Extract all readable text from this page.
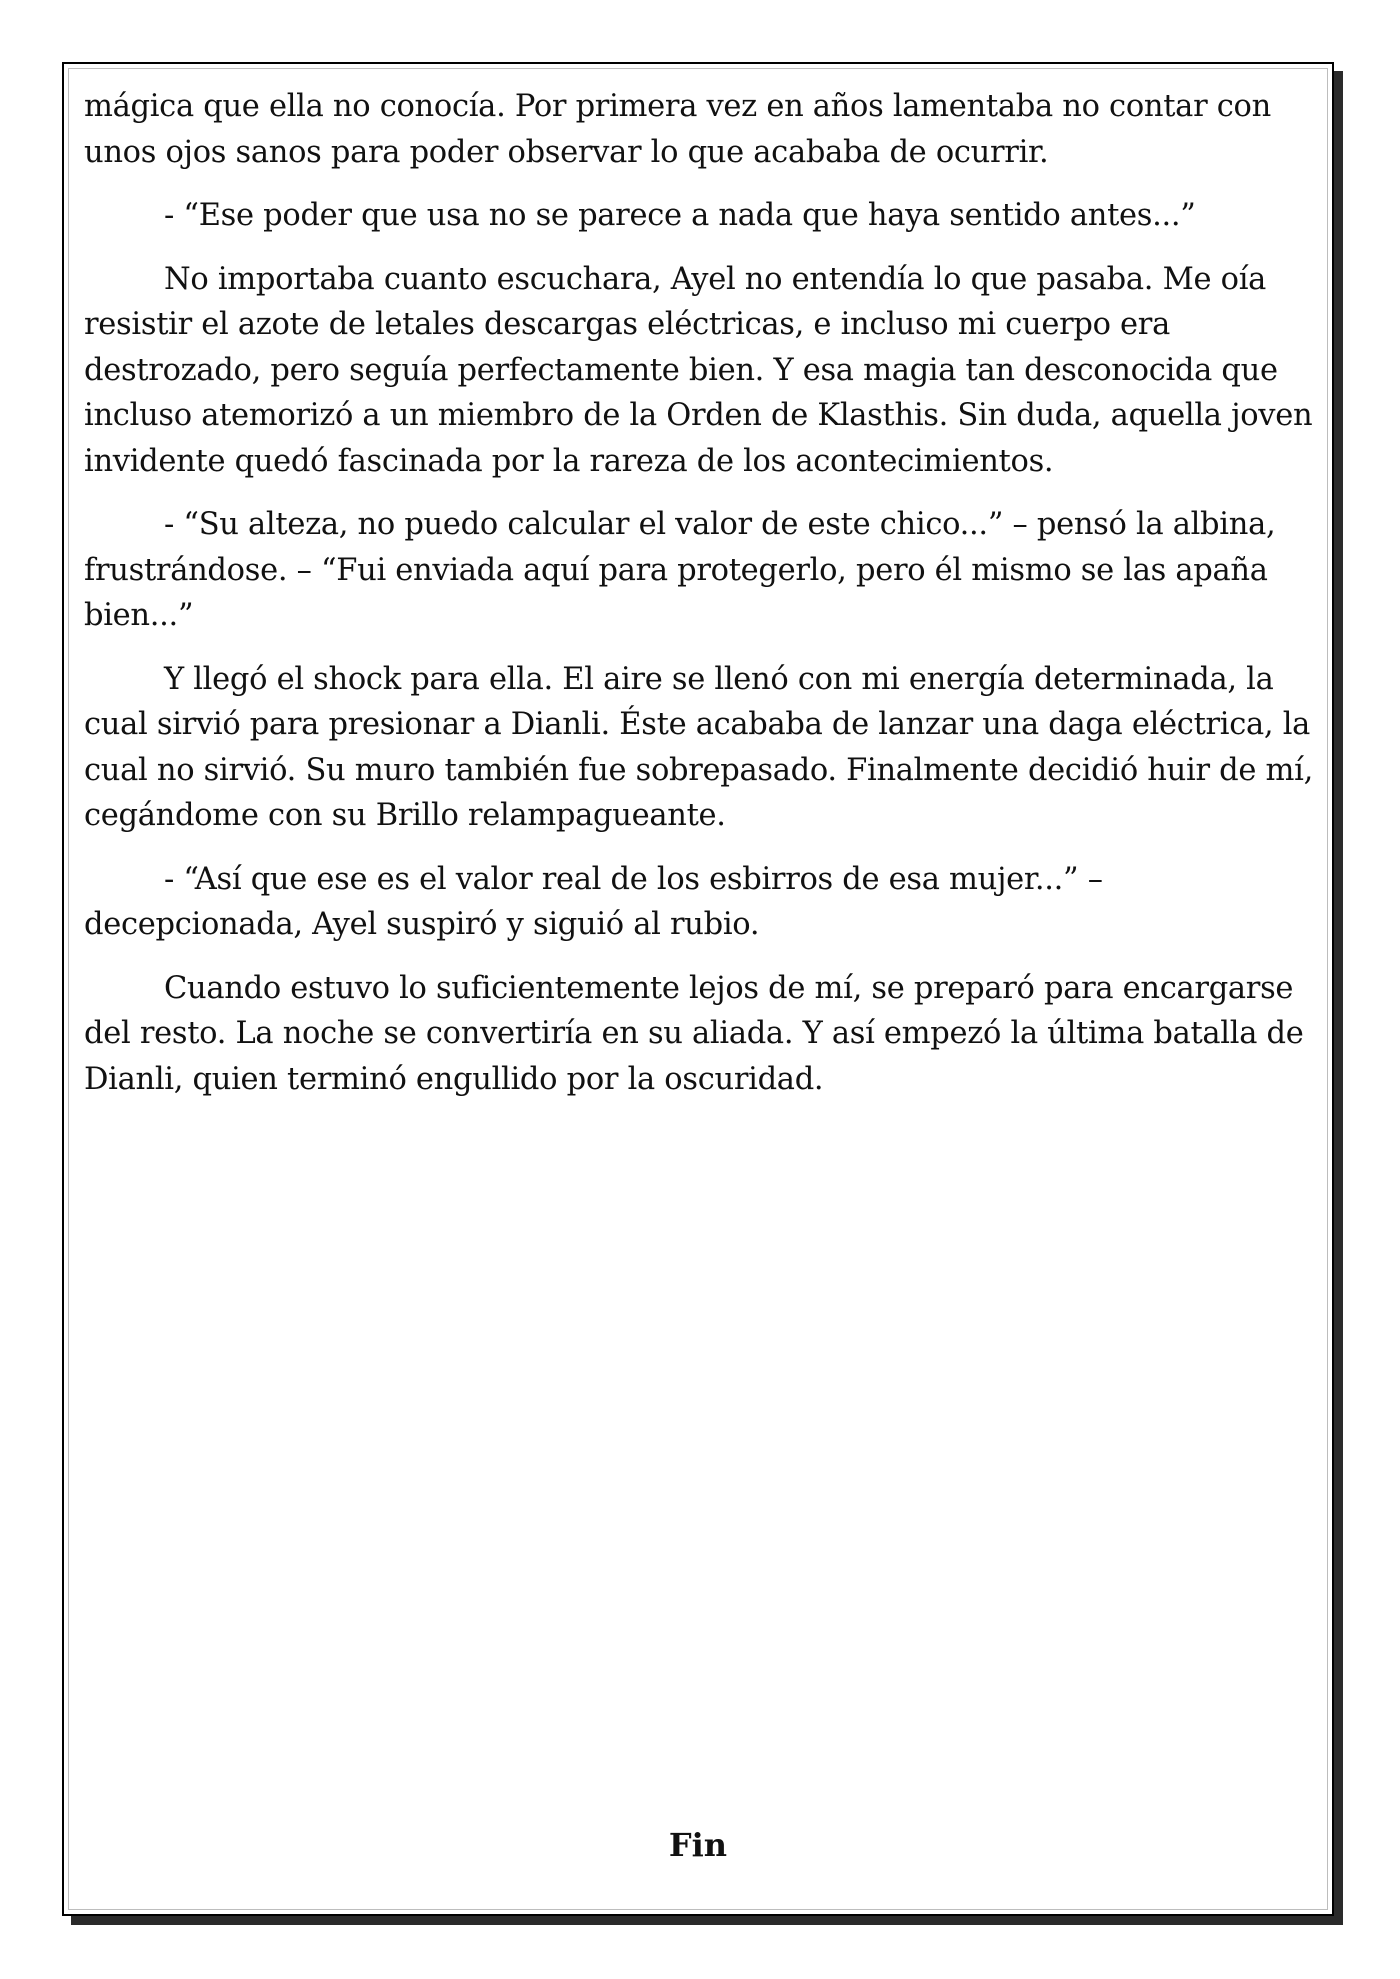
mágica que ella no conocía. Por primera vez en años lamentaba no contar con unos ojos sanos para poder observar lo que acababa de ocurrir.

- “Ese poder que usa no se parece a nada que haya sentido antes...”

No importaba cuanto escuchara, Ayel no entendía lo que pasaba. Me oía resistir el azote de letales descargas eléctricas, e incluso mi cuerpo era destrozado, pero seguía perfectamente bien. Y esa magia tan desconocida que incluso atemorizó a un miembro de la Orden de Klasthis. Sin duda, aquella joven invidente quedó fascinada por la rareza de los acontecimientos.

- “Su alteza, no puedo calcular el valor de este chico...” – pensó la albina, frustrándose. – “Fui enviada aquí para protegerlo, pero él mismo se las apaña bien...”

Y llegó el shock para ella. El aire se llenó con mi energía determinada, la cual sirvió para presionar a Dianli. Éste acababa de lanzar una daga eléctrica, la cual no sirvió. Su muro también fue sobrepasado. Finalmente decidió huir de mí, cegándome con su Brillo relampagueante.

- “Así que ese es el valor real de los esbirros de esa mujer...” – decepcionada, Ayel suspiró y siguió al rubio.

Cuando estuvo lo suficientemente lejos de mí, se preparó para encargarse del resto. La noche se convertiría en su aliada. Y así empezó la última batalla de Dianli, quien terminó engullido por la oscuridad.

Fin
